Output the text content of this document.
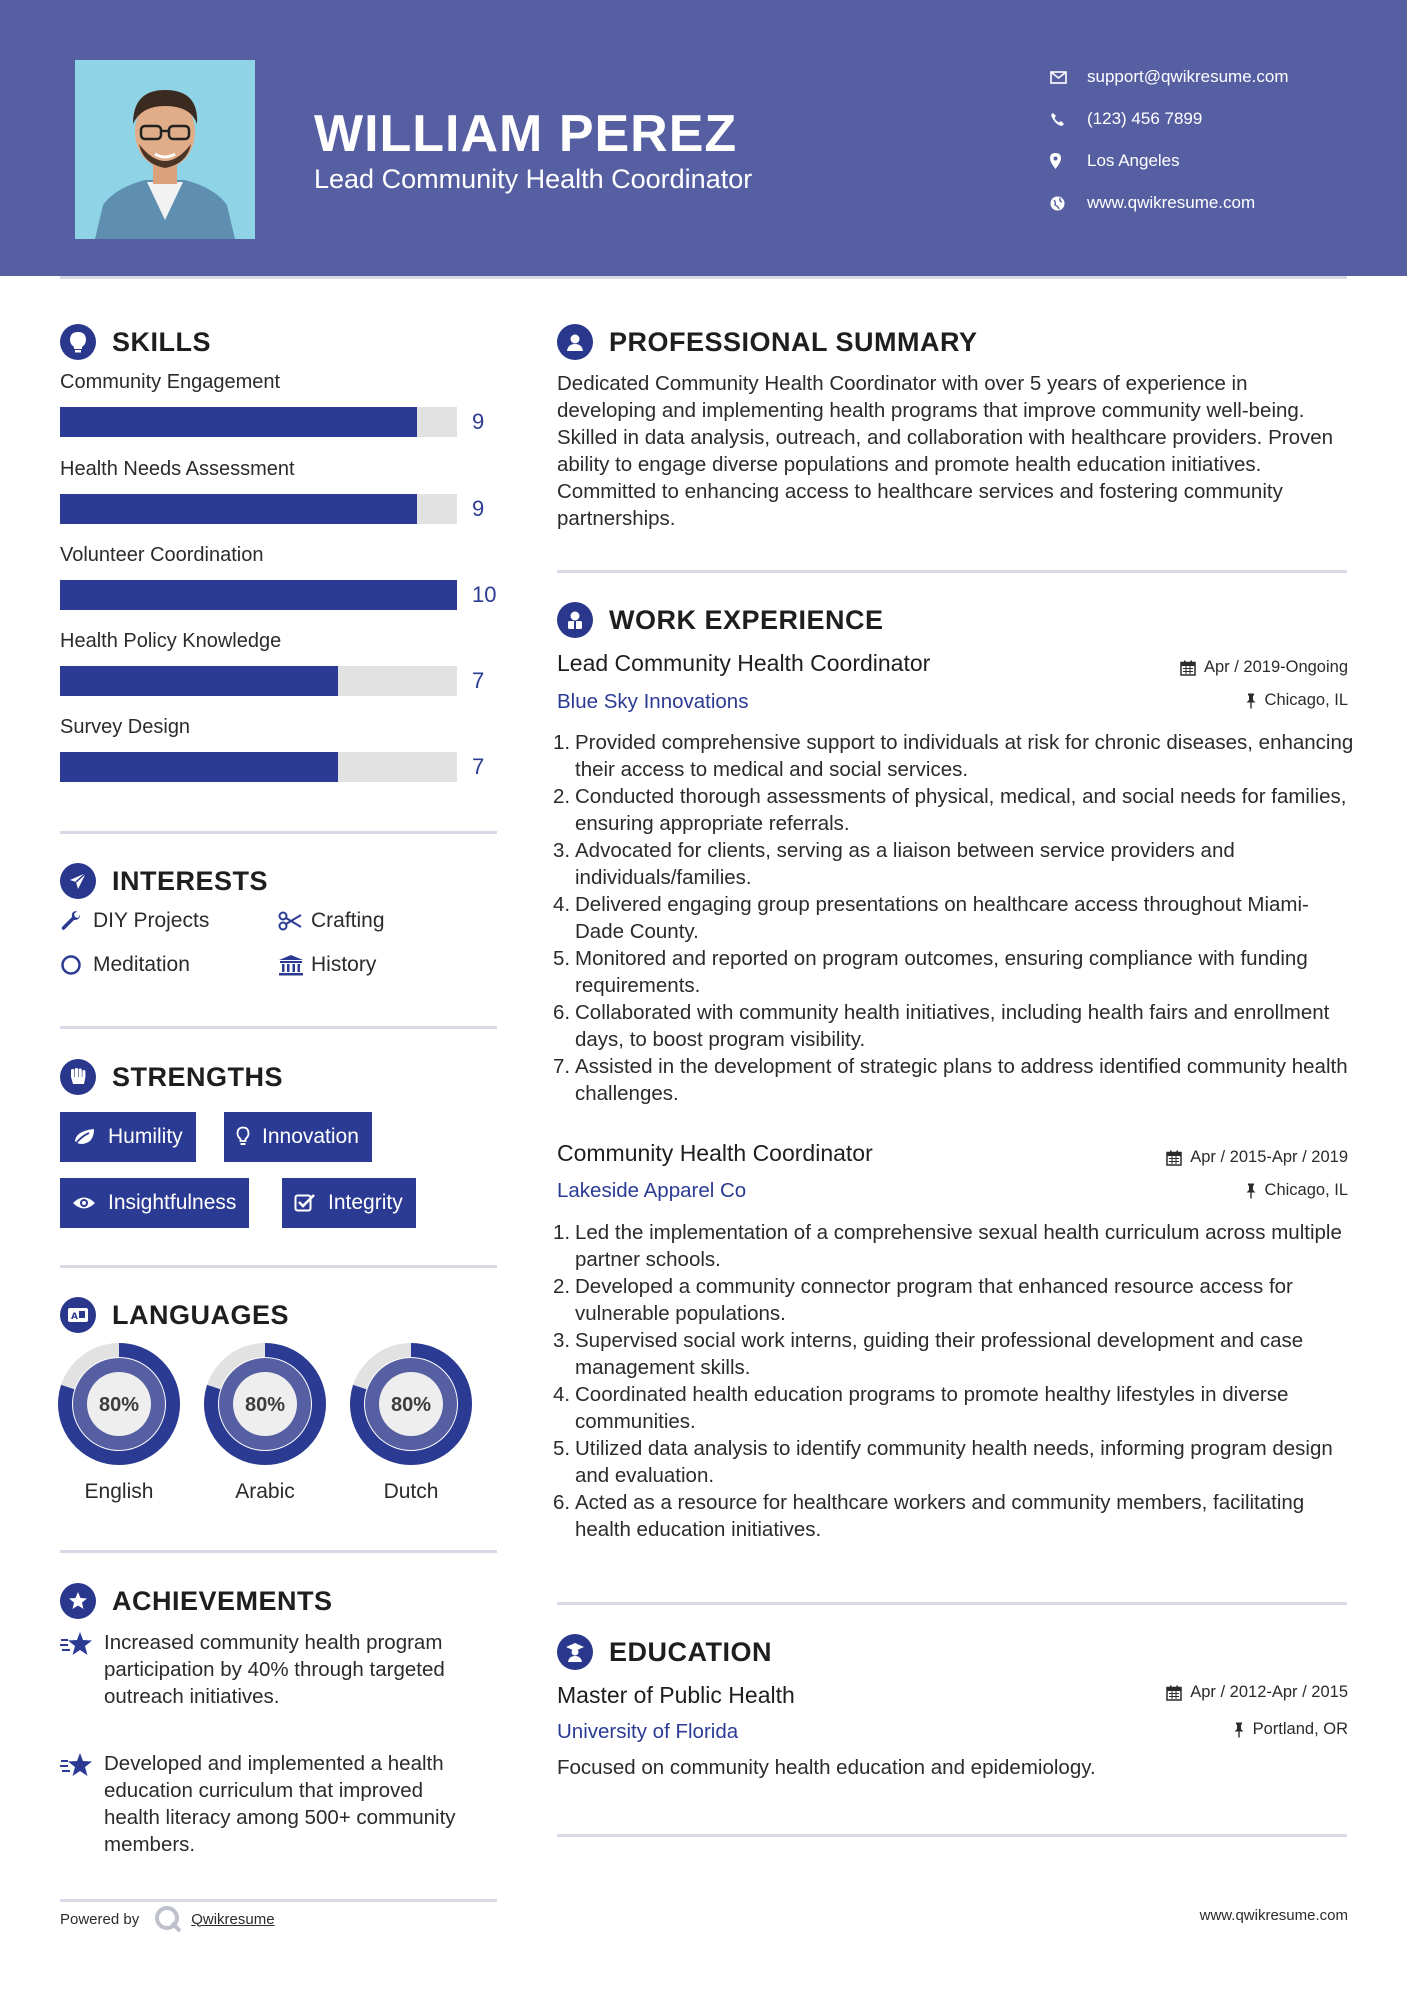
WILLIAM PEREZ
Lead Community Health Coordinator
support@qwikresume.com
(123) 456 7899
Los Angeles
www.qwikresume.com
SKILLS
Community Engagement
9
Health Needs Assessment
9
Volunteer Coordination
10
Health Policy Knowledge
7
Survey Design
7
INTERESTS
DIY Projects	Crafting
Meditation	History
STRENGTHS
Humility	Innovation
Insightfulness	Integrity
A LANGUAGES
80%
English
80%
Arabic
80%
Dutch
ACHIEVEMENTS
Increased community health program participation by 40% through targeted outreach initiatives.
Developed and implemented a health education curriculum that improved health literacy among 500+ community members.
PROFESSIONAL SUMMARY
Dedicated Community Health Coordinator with over 5 years of experience in developing and implementing health programs that improve community well-being. Skilled in data analysis, outreach, and collaboration with healthcare providers. Proven ability to engage diverse populations and promote health education initiatives. Committed to enhancing access to healthcare services and fostering community partnerships.
WORK EXPERIENCE
Lead Community Health Coordinator	Apr / 2019-Ongoing
Blue Sky Innovations	Chicago, IL
1. Provided comprehensive support to individuals at risk for chronic diseases, enhancing their access to medical and social services.
2. Conducted thorough assessments of physical, medical, and social needs for families, ensuring appropriate referrals.
3. Advocated for clients, serving as a liaison between service providers and individuals/families.
4. Delivered engaging group presentations on healthcare access throughout Miami-Dade County.
5. Monitored and reported on program outcomes, ensuring compliance with funding requirements.
6. Collaborated with community health initiatives, including health fairs and enrollment days, to boost program visibility.
7. Assisted in the development of strategic plans to address identified community health challenges.
Community Health Coordinator	Apr / 2015-Apr / 2019
Lakeside Apparel Co	Chicago, IL
1. Led the implementation of a comprehensive sexual health curriculum across multiple partner schools.
2. Developed a community connector program that enhanced resource access for vulnerable populations.
3. Supervised social work interns, guiding their professional development and case management skills.
4. Coordinated health education programs to promote healthy lifestyles in diverse communities.
5. Utilized data analysis to identify community health needs, informing program design and evaluation.
6. Acted as a resource for healthcare workers and community members, facilitating health education initiatives.
EDUCATION
Master of Public Health	Apr / 2012-Apr / 2015
University of Florida	Portland, OR
Focused on community health education and epidemiology.
Powered by	Qwikresume	www.qwikresume.com
